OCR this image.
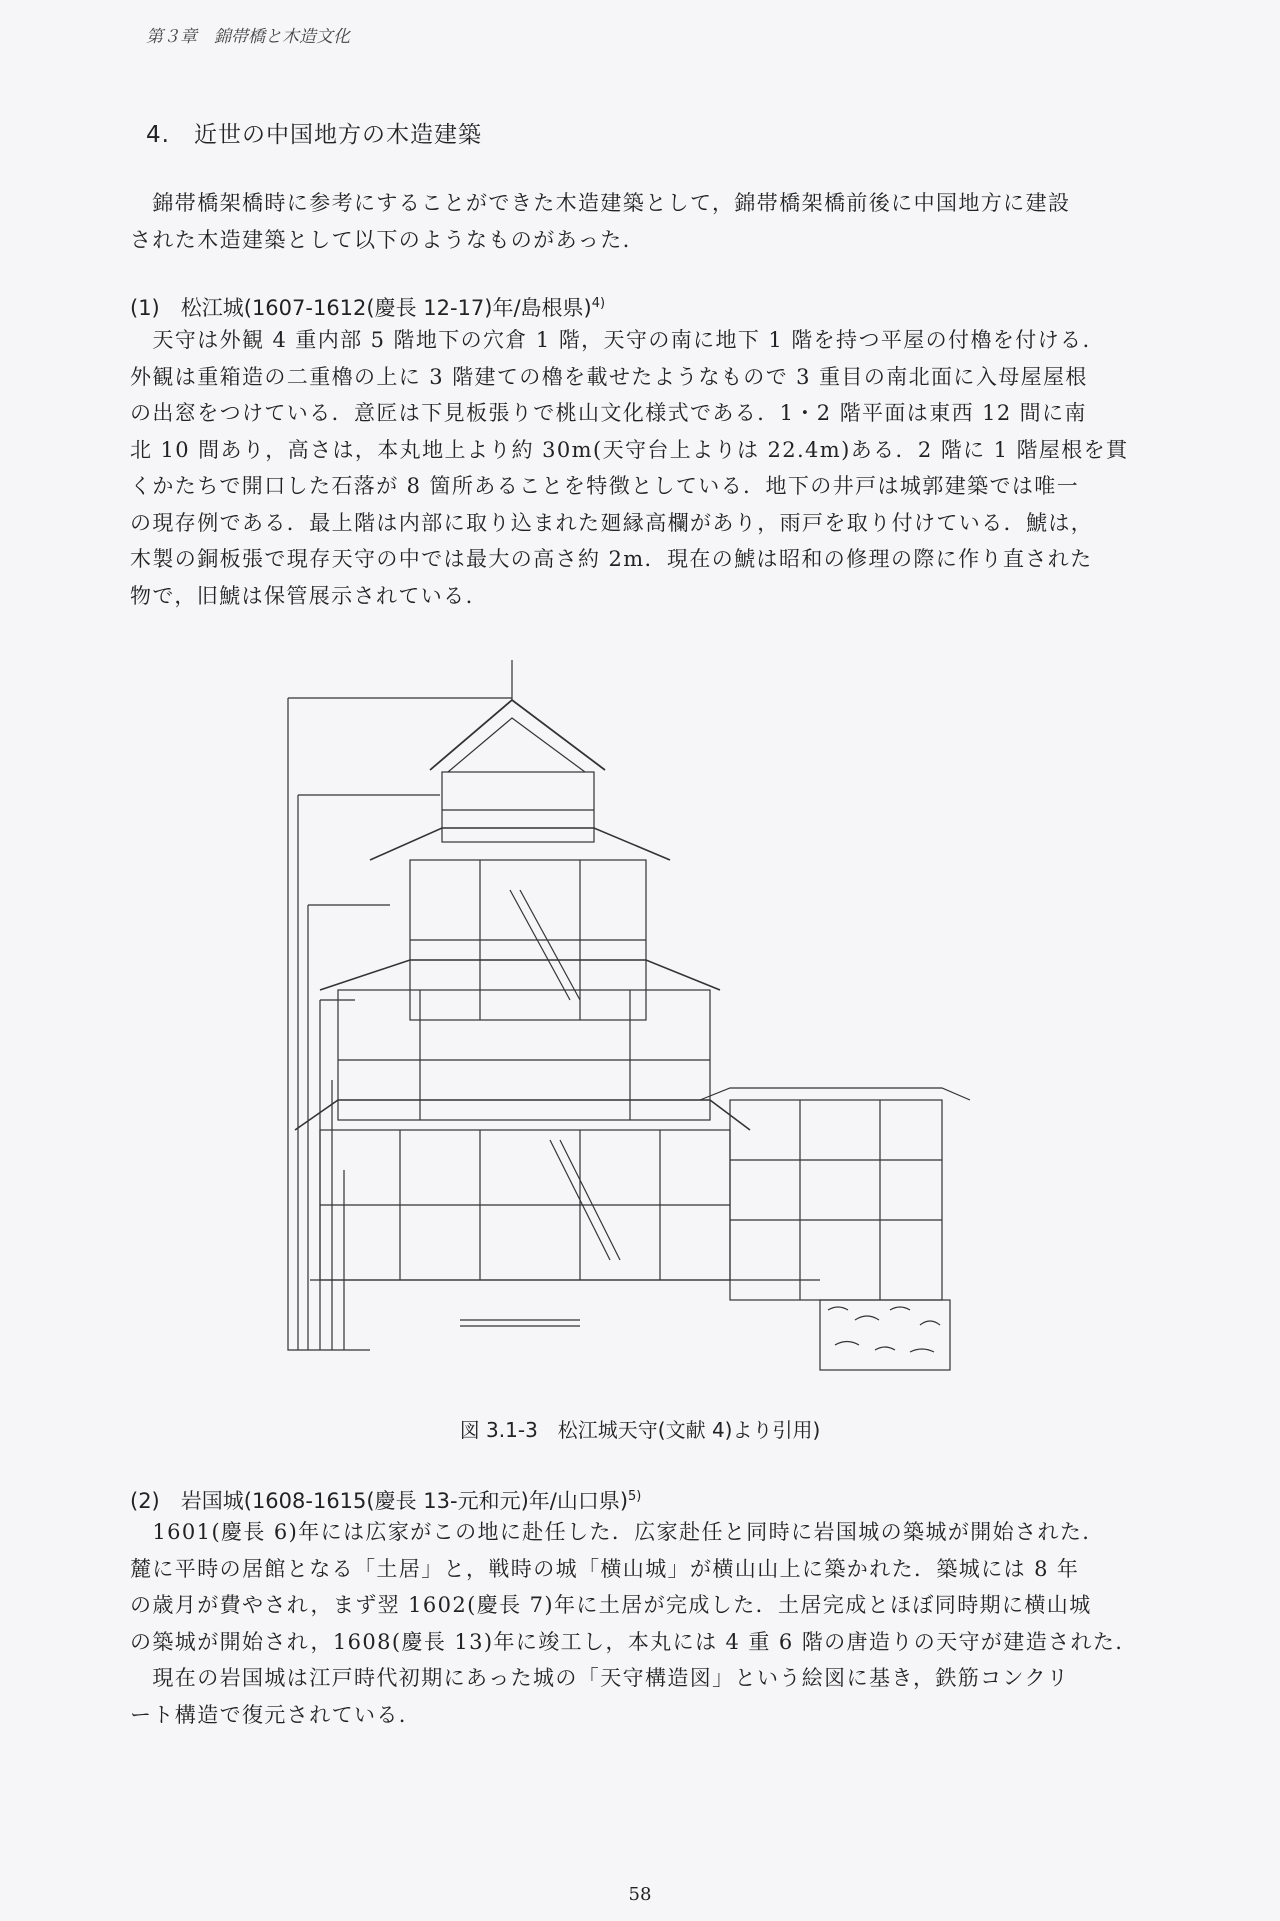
第３章　錦帯橋と木造文化
4.　近世の中国地方の木造建築
　錦帯橋架橋時に参考にすることができた木造建築として，錦帯橋架橋前後に中国地方に建設
された木造建築として以下のようなものがあった.
(1)　松江城(1607-1612(慶長 12-17)年/島根県)$^{4)}$
　天守は外観 4 重内部 5 階地下の穴倉 1 階，天守の南に地下 1 階を持つ平屋の付櫓を付ける.
外観は重箱造の二重櫓の上に 3 階建ての櫓を載せたようなもので 3 重目の南北面に入母屋屋根
の出窓をつけている．意匠は下見板張りで桃山文化様式である．1・2 階平面は東西 12 間に南
北 10 間あり，高さは，本丸地上より約 30m(天守台上よりは 22.4m)ある．2 階に 1 階屋根を貫
くかたちで開口した石落が 8 箇所あることを特徴としている．地下の井戸は城郭建築では唯一
の現存例である．最上階は内部に取り込まれた廻縁高欄があり，雨戸を取り付けている．鯱は，
木製の銅板張で現存天守の中では最大の高さ約 2m．現在の鯱は昭和の修理の際に作り直された
物で，旧鯱は保管展示されている.
図 3.1-3　松江城天守(文献 4)より引用)
(2)　岩国城(1608-1615(慶長 13-元和元)年/山口県)$^{5)}$
　1601(慶長 6)年には広家がこの地に赴任した．広家赴任と同時に岩国城の築城が開始された.
麓に平時の居館となる「土居」と，戦時の城「横山城」が横山山上に築かれた．築城には 8 年
の歳月が費やされ，まず翌 1602(慶長 7)年に土居が完成した．土居完成とほぼ同時期に横山城
の築城が開始され，1608(慶長 13)年に竣工し，本丸には 4 重 6 階の唐造りの天守が建造された.
　現在の岩国城は江戸時代初期にあった城の「天守構造図」という絵図に基き，鉄筋コンクリ
ート構造で復元されている.
58
